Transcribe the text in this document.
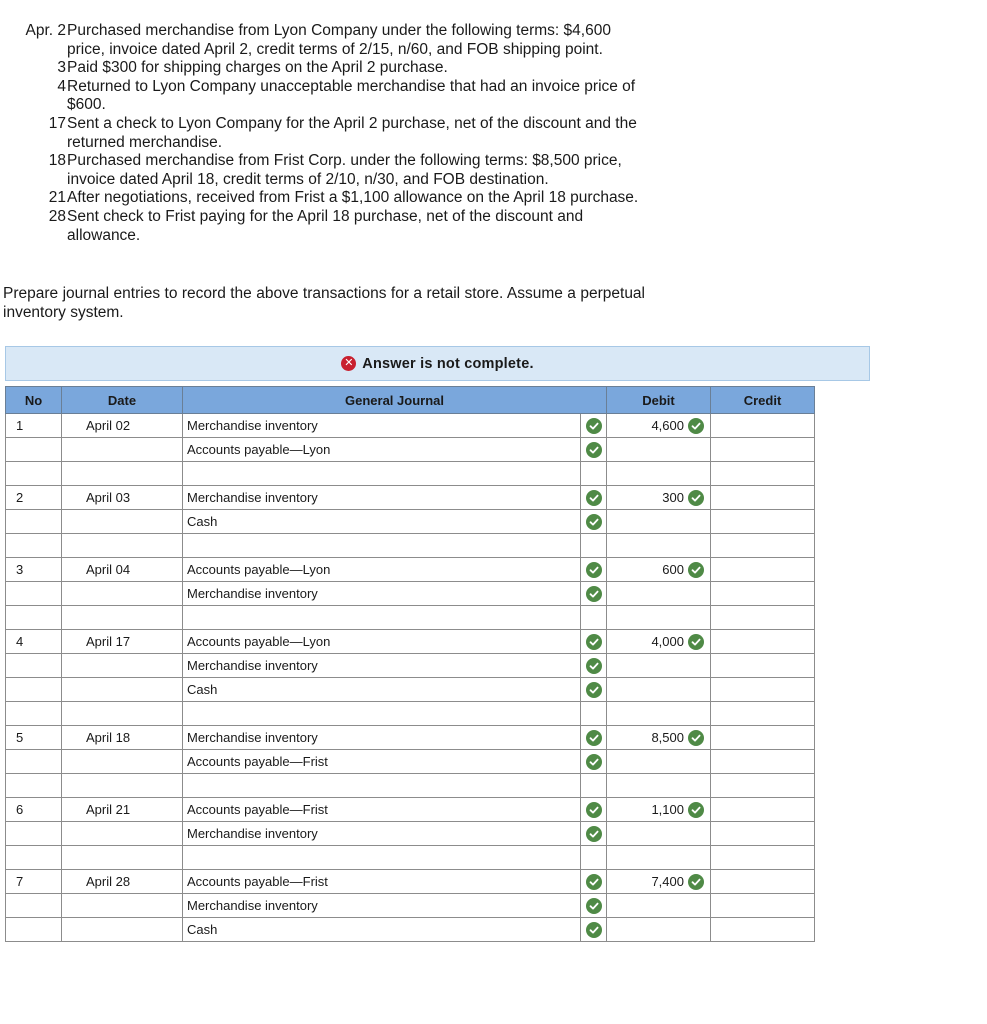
Apr. 2 Purchased merchandise from Lyon Company under the following terms: $4,600 price, invoice dated April 2, credit terms of 2/15, n/60, and FOB shipping point.
3 Paid $300 for shipping charges on the April 2 purchase.
4 Returned to Lyon Company unacceptable merchandise that had an invoice price of $600.
17 Sent a check to Lyon Company for the April 2 purchase, net of the discount and the returned merchandise.
18 Purchased merchandise from Frist Corp. under the following terms: $8,500 price, invoice dated April 18, credit terms of 2/10, n/30, and FOB destination.
21 After negotiations, received from Frist a $1,100 allowance on the April 18 purchase.
28 Sent check to Frist paying for the April 18 purchase, net of the discount and allowance.
Prepare journal entries to record the above transactions for a retail store. Assume a perpetual inventory system.
✕ Answer is not complete.
No	Date	General Journal		Debit	Credit
1	April 02	Merchandise inventory		4,600	

		Accounts payable—Lyon	

2	April 03	Merchandise inventory		300	

		Cash	

3	April 04	Accounts payable—Lyon		600	

		Merchandise inventory	

4	April 17	Accounts payable—Lyon		4,000	

		Merchandise inventory	

		Cash	

5	April 18	Merchandise inventory		8,500	

		Accounts payable—Frist	

6	April 21	Accounts payable—Frist		1,100	

		Merchandise inventory	

7	April 28	Accounts payable—Frist		7,400	

		Merchandise inventory	

		Cash	
